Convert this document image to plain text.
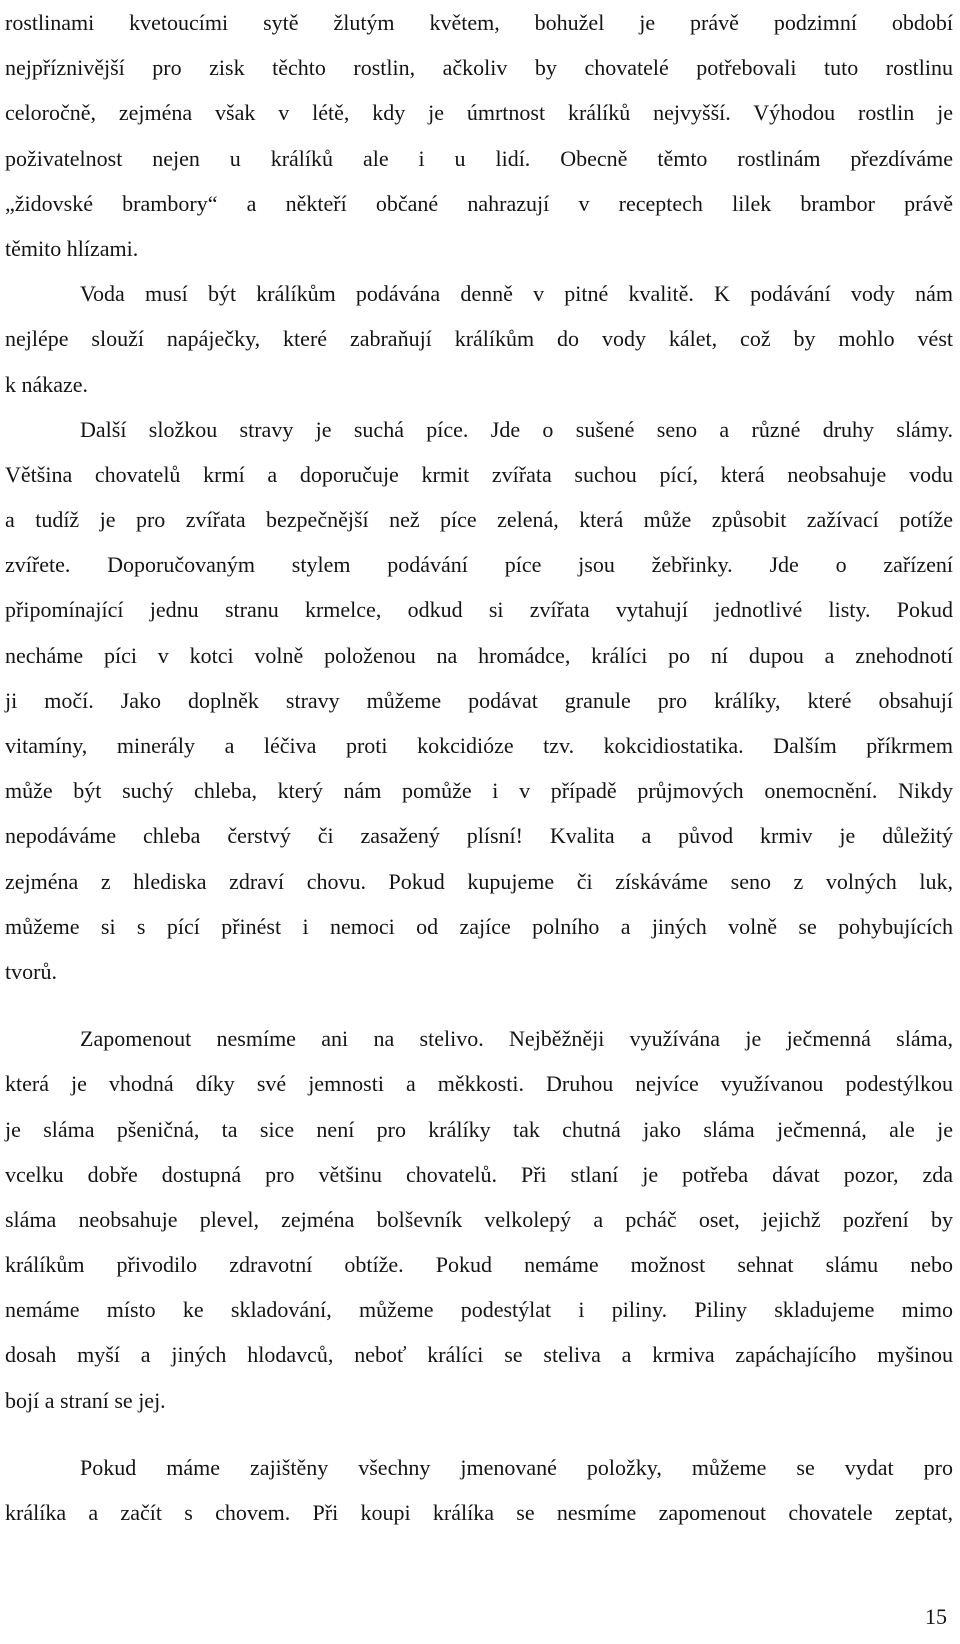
rostlinami kvetoucími sytě žlutým květem, bohužel je právě podzimní období
nejpříznivější pro zisk těchto rostlin, ačkoliv by chovatelé potřebovali tuto rostlinu
celoročně, zejména však v létě, kdy je úmrtnost králíků nejvyšší. Výhodou rostlin je
poživatelnost nejen u králíků ale i u lidí. Obecně těmto rostlinám přezdíváme
„židovské brambory“ a někteří občané nahrazují v receptech lilek brambor právě
těmito hlízami.
Voda musí být králíkům podávána denně v pitné kvalitě. K podávání vody nám
nejlépe slouží napáječky, které zabraňují králíkům do vody kálet, což by mohlo vést
k nákaze.
Další složkou stravy je suchá píce. Jde o sušené seno a různé druhy slámy.
Většina chovatelů krmí a doporučuje krmit zvířata suchou pící, která neobsahuje vodu
a tudíž je pro zvířata bezpečnější než píce zelená, která může způsobit zažívací potíže
zvířete. Doporučovaným stylem podávání píce jsou žebřinky. Jde o zařízení
připomínající jednu stranu krmelce, odkud si zvířata vytahují jednotlivé listy. Pokud
necháme píci v kotci volně položenou na hromádce, králíci po ní dupou a znehodnotí
ji močí. Jako doplněk stravy můžeme podávat granule pro králíky, které obsahují
vitamíny, minerály a léčiva proti kokcidióze tzv. kokcidiostatika. Dalším příkrmem
může být suchý chleba, který nám pomůže i v případě průjmových onemocnění. Nikdy
nepodáváme chleba čerstvý či zasažený plísní! Kvalita a původ krmiv je důležitý
zejména z hlediska zdraví chovu. Pokud kupujeme či získáváme seno z volných luk,
můžeme si s pící přinést i nemoci od zajíce polního a jiných volně se pohybujících
tvorů.
Zapomenout nesmíme ani na stelivo. Nejběžněji využívána je ječmenná sláma,
která je vhodná díky své jemnosti a měkkosti. Druhou nejvíce využívanou podestýlkou
je sláma pšeničná, ta sice není pro králíky tak chutná jako sláma ječmenná, ale je
vcelku dobře dostupná pro většinu chovatelů. Při stlaní je potřeba dávat pozor, zda
sláma neobsahuje plevel, zejména bolševník velkolepý a pcháč oset, jejichž pozření by
králíkům přivodilo zdravotní obtíže. Pokud nemáme možnost sehnat slámu nebo
nemáme místo ke skladování, můžeme podestýlat i piliny. Piliny skladujeme mimo
dosah myší a jiných hlodavců, neboť králíci se steliva a krmiva zapáchajícího myšinou
bojí a straní se jej.
Pokud máme zajištěny všechny jmenované položky, můžeme se vydat pro
králíka a začít s chovem. Při koupi králíka se nesmíme zapomenout chovatele zeptat,
15
